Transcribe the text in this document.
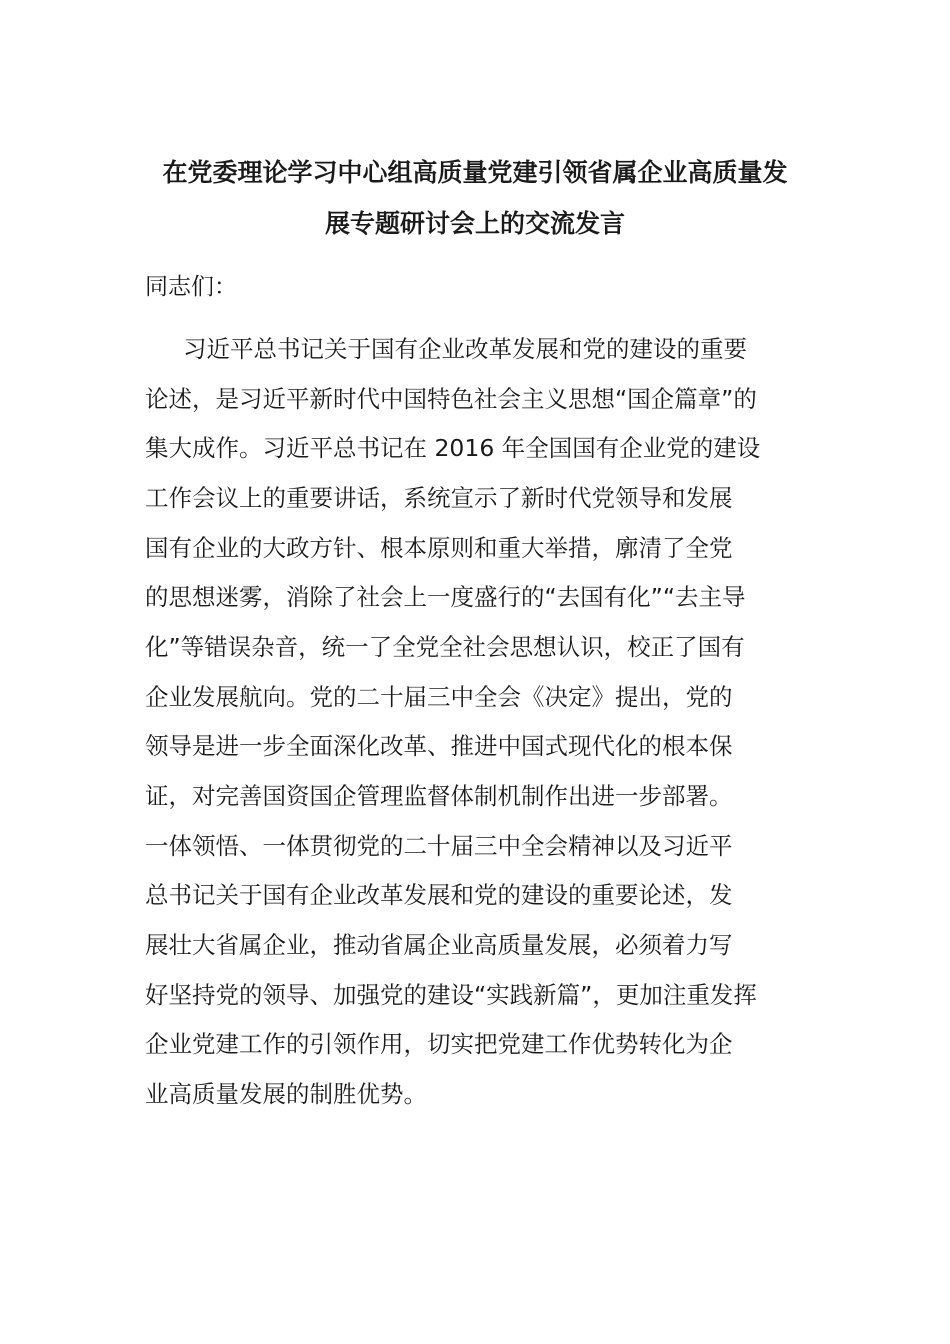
在党委理论学习中心组高质量党建引领省属企业高质量发
展专题研讨会上的交流发言
同志们：
习近平总书记关于国有企业改革发展和党的建设的重要
论述，是习近平新时代中国特色社会主义思想“国企篇章”的
集大成作。习近平总书记在 2016 年全国国有企业党的建设
工作会议上的重要讲话，系统宣示了新时代党领导和发展
国有企业的大政方针、根本原则和重大举措，廓清了全党
的思想迷雾，消除了社会上一度盛行的“去国有化”“去主导
化”等错误杂音，统一了全党全社会思想认识，校正了国有
企业发展航向。党的二十届三中全会《决定》提出，党的
领导是进一步全面深化改革、推进中国式现代化的根本保
证，对完善国资国企管理监督体制机制作出进一步部署。
一体领悟、一体贯彻党的二十届三中全会精神以及习近平
总书记关于国有企业改革发展和党的建设的重要论述，发
展壮大省属企业，推动省属企业高质量发展，必须着力写
好坚持党的领导、加强党的建设“实践新篇”，更加注重发挥
企业党建工作的引领作用，切实把党建工作优势转化为企
业高质量发展的制胜优势。
